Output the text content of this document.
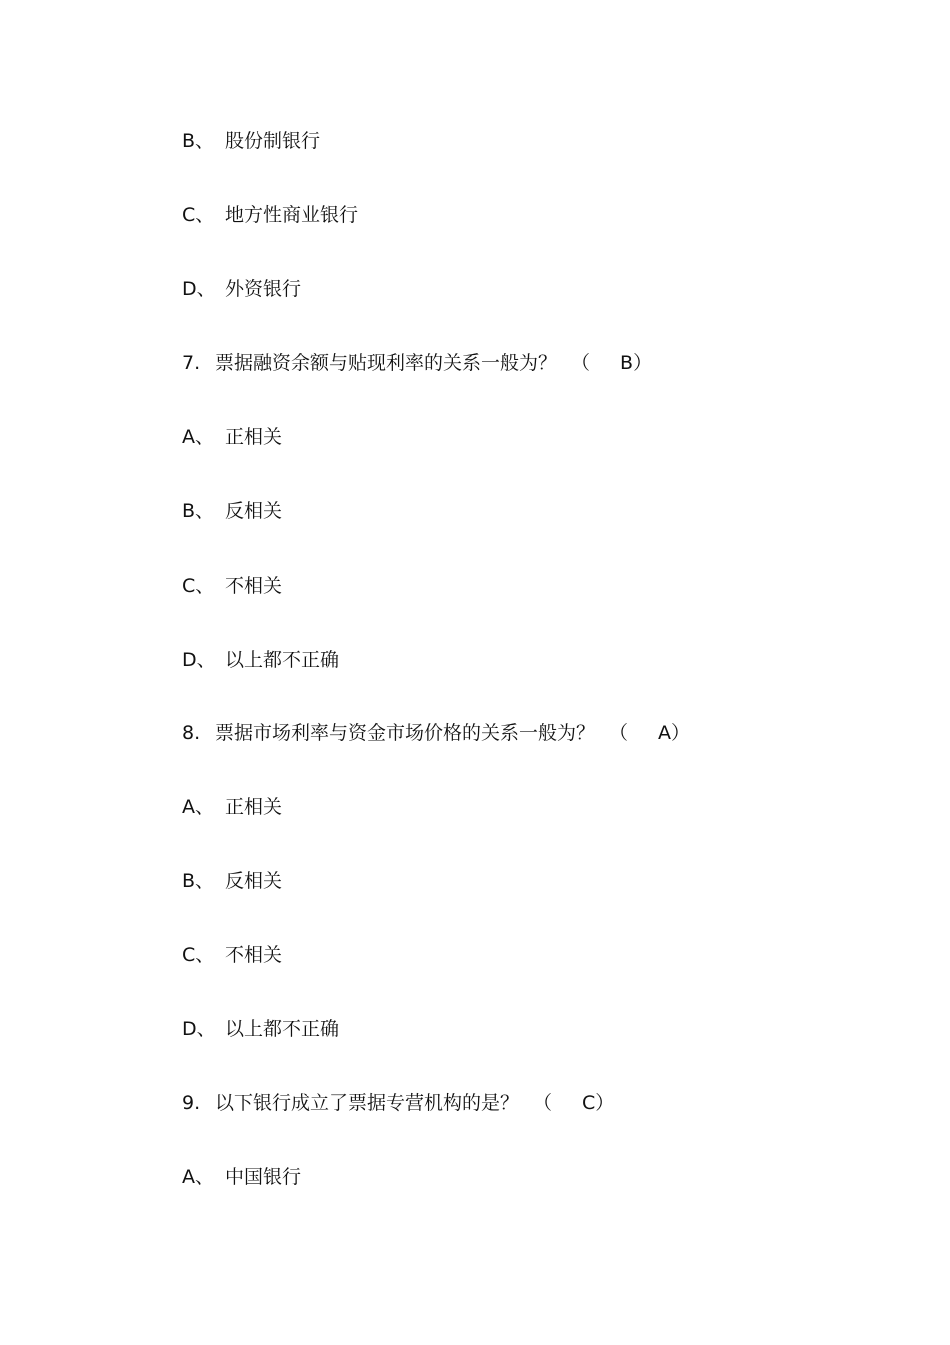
B、 股份制银行
C、 地方性商业银行
D、 外资银行
7. 票据融资余额与贴现利率的关系一般为？ （ B）
A、 正相关
B、 反相关
C、 不相关
D、 以上都不正确
8. 票据市场利率与资金市场价格的关系一般为？ （ A）
A、 正相关
B、 反相关
C、 不相关
D、 以上都不正确
9. 以下银行成立了票据专营机构的是？ （ C）
A、 中国银行
